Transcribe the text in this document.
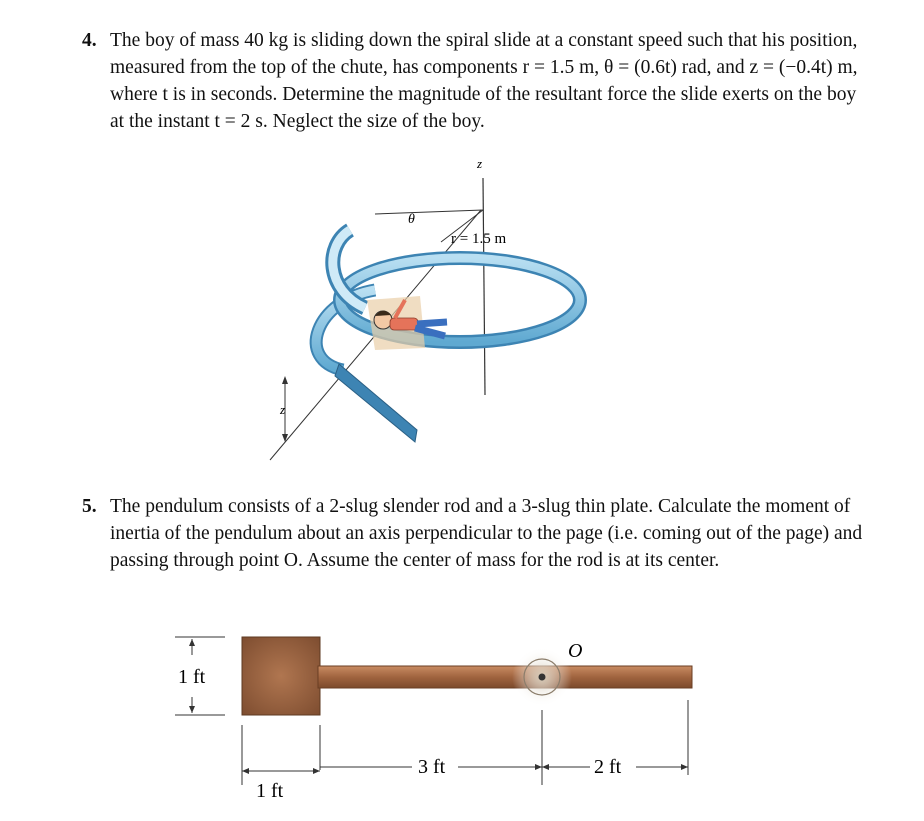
4. The boy of mass 40 kg is sliding down the spiral slide at a constant speed such that his position, measured from the top of the chute, has components r = 1.5 m, θ = (0.6t) rad, and z = (−0.4t) m, where t is in seconds. Determine the magnitude of the resultant force the slide exerts on the boy at the instant t = 2 s. Neglect the size of the boy.
z
θ
r = 1.5 m
z
5. The pendulum consists of a 2-slug slender rod and a 3-slug thin plate. Calculate the moment of inertia of the pendulum about an axis perpendicular to the page (i.e. coming out of the page) and passing through point O. Assume the center of mass for the rod is at its center.
1 ft
O
1 ft
3 ft	2 ft
